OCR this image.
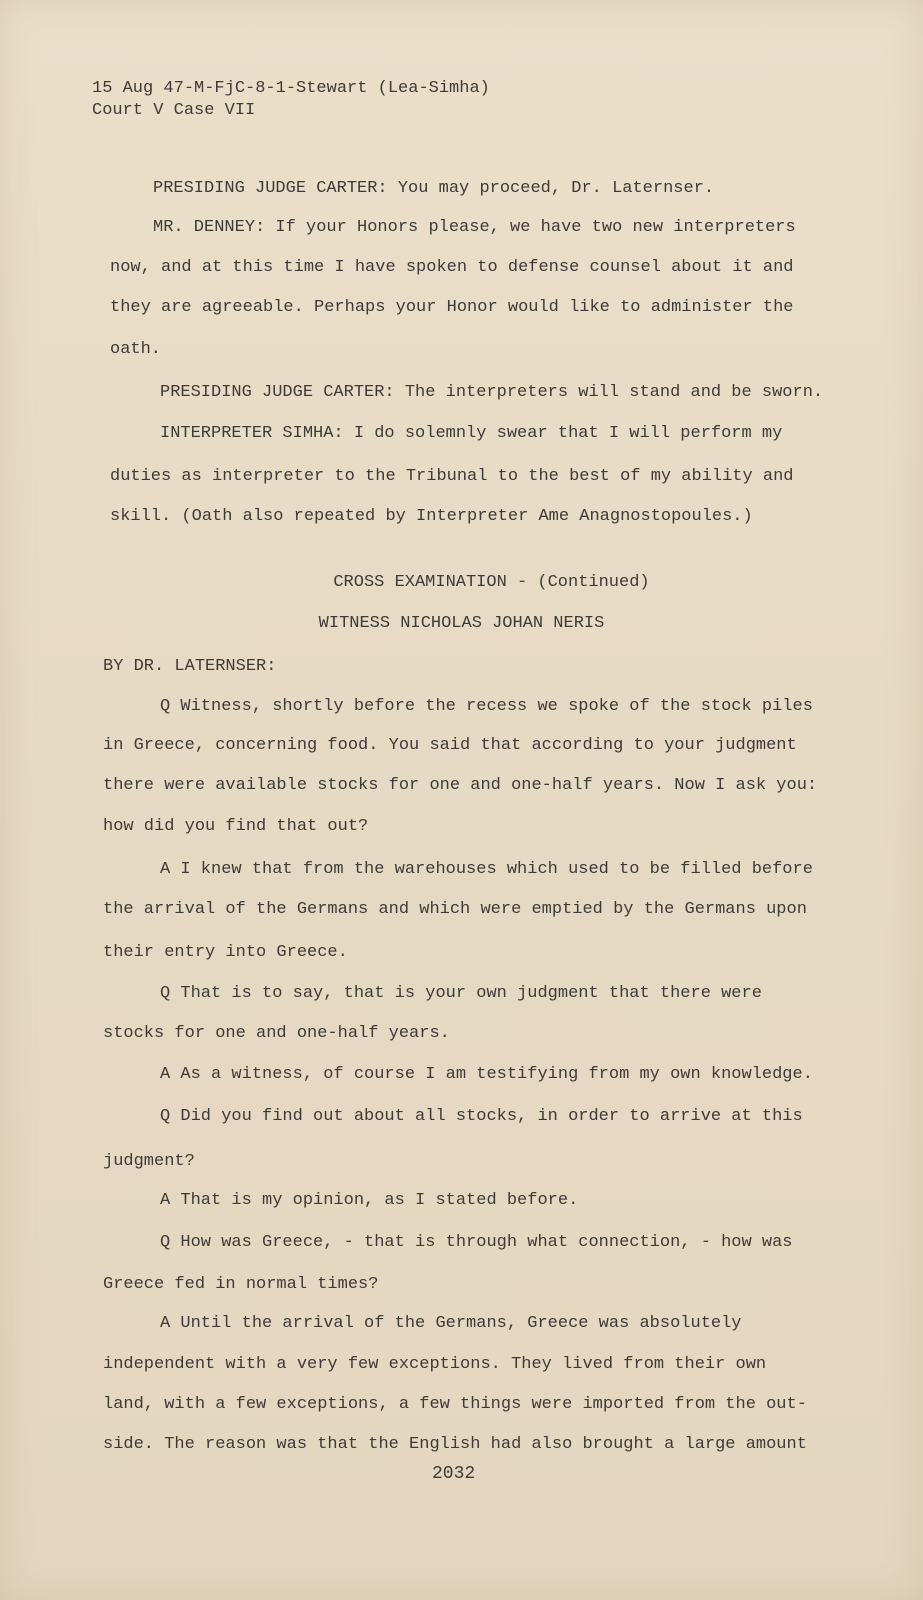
15 Aug 47-M-FjC-8-1-Stewart (Lea-Simha)
Court V Case VII
PRESIDING JUDGE CARTER: You may proceed, Dr. Laternser.
MR. DENNEY: If your Honors please, we have two new interpreters
now, and at this time I have spoken to defense counsel about it and
they are agreeable. Perhaps your Honor would like to administer the
oath.
PRESIDING JUDGE CARTER: The interpreters will stand and be sworn.
INTERPRETER SIMHA: I do solemnly swear that I will perform my
duties as interpreter to the Tribunal to the best of my ability and
skill. (Oath also repeated by Interpreter Ame Anagnostopoules.)
CROSS EXAMINATION - (Continued)
WITNESS NICHOLAS JOHAN NERIS
BY DR. LATERNSER:
Q Witness, shortly before the recess we spoke of the stock piles
in Greece, concerning food. You said that according to your judgment
there were available stocks for one and one-half years. Now I ask you:
how did you find that out?
A I knew that from the warehouses which used to be filled before
the arrival of the Germans and which were emptied by the Germans upon
their entry into Greece.
Q That is to say, that is your own judgment that there were
stocks for one and one-half years.
A As a witness, of course I am testifying from my own knowledge.
Q Did you find out about all stocks, in order to arrive at this
judgment?
A That is my opinion, as I stated before.
Q How was Greece, - that is through what connection, - how was
Greece fed in normal times?
A Until the arrival of the Germans, Greece was absolutely
independent with a very few exceptions. They lived from their own
land, with a few exceptions, a few things were imported from the out-
side. The reason was that the English had also brought a large amount
2032
